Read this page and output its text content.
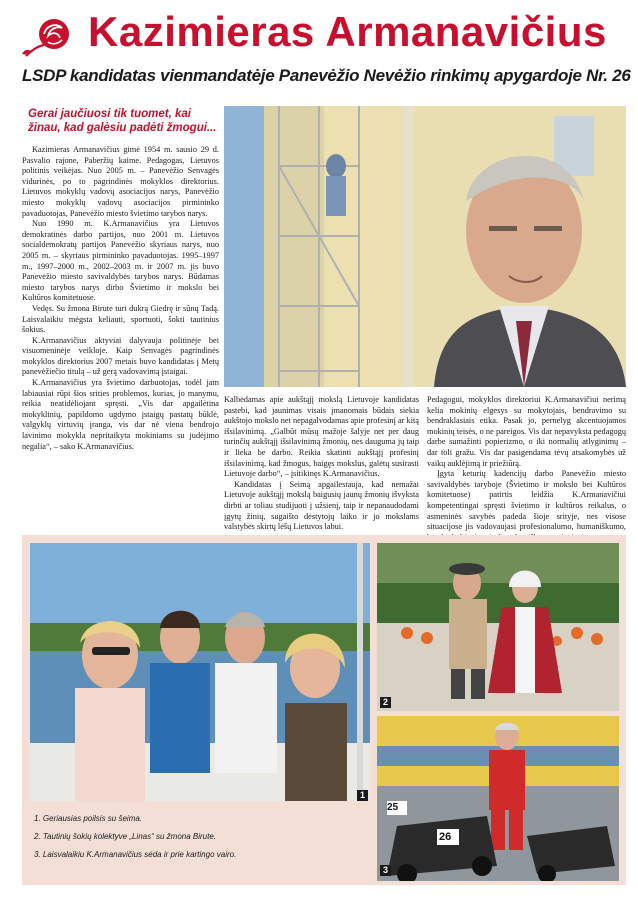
Kazimieras Armanavičius
LSDP kandidatas vienmandatėje Panevėžio Nevėžio rinkimų apygardoje Nr. 26
Gerai jaučiuosi tik tuomet, kai žinau, kad galėsiu padėti žmogui...

Kazimieras Armanavičius gimė 1954 m. sausio 29 d. Pasvalio rajone, Paberžių kaime. Pedagogas, Lietuvos politinis veikėjas. Nuo 2005 m. – Panevėžio Senvagės vidurinės, po to pagrindinės mokyklos direktorius. Lietuvos mokyklų vadovų asociacijos narys, Panevėžio miesto mokyklų vadovų asociacijos pirmininko pavaduotojas, Panevėžio miesto švietimo tarybos narys.

Nuo 1990 m. K.Armanavičius yra Lietuvos demokratinės darbo partijos, nuo 2001 m. Lietuvos socialdemokratų partijos Panevėžio skyriaus narys, nuo 2005 m. – skyriaus pirmininko pavaduotojas. 1995–1997 m., 1997–2000 m., 2002–2003 m. ir 2007 m. jis buvo Panevėžio miesto savivaldybės tarybos narys. Būdamas miesto tarybos narys dirbo Švietimo ir mokslo bei Kultūros komitetuose.

Vedęs. Su žmona Birute turi dukrą Giedrę ir sūnų Tadą. Laisvalaikiu mėgsta keliauti, sportuoti, šokti tautinius šokius.

K.Armanavičius aktyviai dalyvauja politinėje bei visuomeninėje veikloje. Kaip Senvagės pagrindinės mokyklos direktorius 2007 metais buvo kandidatas į Metų panevėžiečio titulą – už gerą vadovavimą įstaigai.

K.Armanavičius yra švietimo darbuotojas, todėl jam labiausiai rūpi šios srities problemos, kurias, jo manymu, reikia neatidėliojant spręsti. „Vis dar apgailėtina mokyklinių, papildomo ugdymo įstaigų pastatų būklė, valgyklų virtuvių įranga, vis dar nė viena bendrojo lavinimo mokykla nepritaikyta mokiniams su judėjimo negalia“, – sako K.Armanavičius.

Kalbėdamas apie aukštąjį mokslą Lietuvoje kandidatas pastebi, kad jaunimas visais įmanomais būdais siekia aukštojo mokslo net nepagalvodamas apie profesinį ar kitą išsilavinimą. „Galbūt mūsų mažoje šalyje net per daug turinčių aukštąjį išsilavinimą žmonių, nes dauguma jų taip ir lieka be darbo. Reikia skatinti aukštąjį profesinį išsilavinimą, kad žmogus, baigęs mokslus, galėtų susirasti Lietuvoje darbo“, – įsitikinęs K.Armanavičius.

Kandidatas į Seimą apgailestauja, kad nemažai Lietuvoje aukštąjį mokslą baigusių jaunų žmonių išvyksta dirbti ar toliau studijuoti į užsienį, taip ir nepanaudodami įgytų žinių, sugaišto dėstytojų laiko ir jo mokslams valstybės skirtų lėšų Lietuvos labui.

Pedagogui, mokyklos direktoriui K.Armanavičiui nerimą kelia mokinių elgesys su mokytojais, bendravimo su bendraklasiais etika. Pasak jo, pernelyg akcentuojamos mokinių teisės, o ne pareigos. Vis dar nepavyksta pedagogų darbe sumažinti popierizmo, o iki normalių atlyginimų – dar toli gražu. Vis dar pasigendama tėvų atsakomybės už vaikų auklėjimą ir priežiūrą.

Įgyta keturių kadencijų darbo Panevėžio miesto savivaldybės taryboje (Švietimo ir mokslo bei Kultūros komitetuose) patirtis leidžia K.Armanavičiui kompetentingai spręsti švietimo ir kultūros reikalus, o asmeninės savybės padeda šioje srityje, nes visose situacijose jis vadovaujasi profesionalumo, humaniškumo,

1
2
25
26
3
1. Geriausias poilsis su šeima.
2. Tautinių šokių kolektyve „Linas“ su žmona Birute.
3. Laisvalaikiu K.Armanavičius sėda ir prie kartingo vairo.
